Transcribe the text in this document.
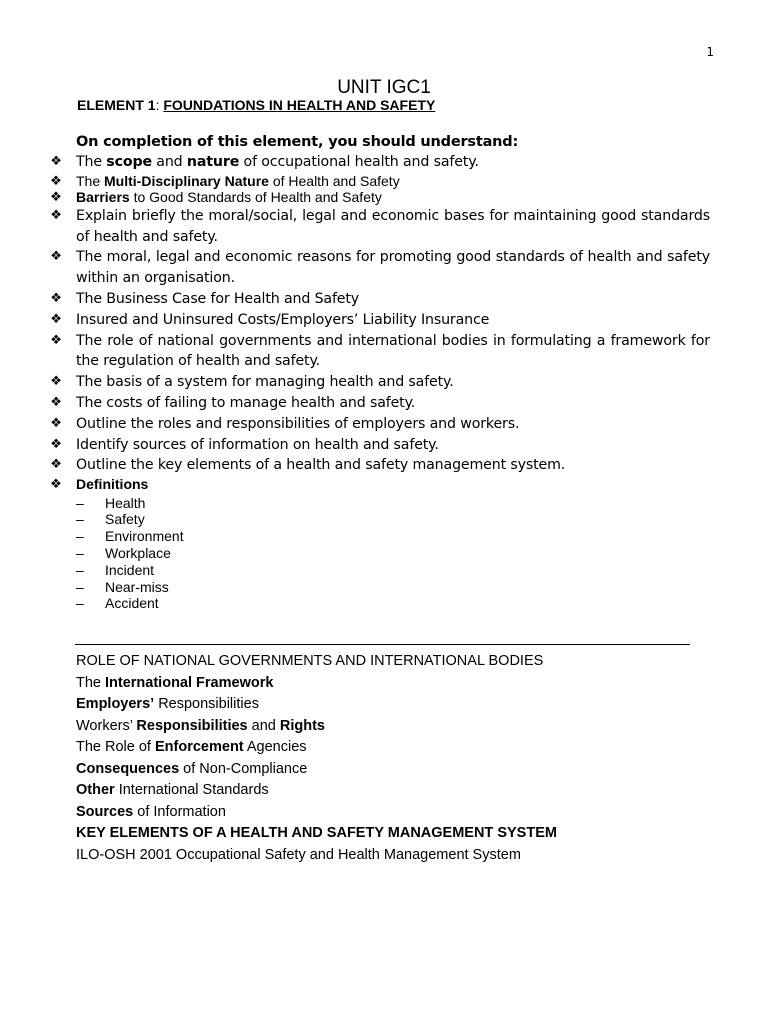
1
UNIT IGC1
ELEMENT 1: FOUNDATIONS IN HEALTH AND SAFETY
On completion of this element, you should understand:
❖ The scope and nature of occupational health and safety.
❖ The Multi-Disciplinary Nature of Health and Safety
❖ Barriers to Good Standards of Health and Safety
❖ Explain briefly the moral/social, legal and economic bases for maintaining good standards of health and safety.
❖ The moral, legal and economic reasons for promoting good standards of health and safety within an organisation.
❖ The Business Case for Health and Safety
❖ Insured and Uninsured Costs/Employers’ Liability Insurance
❖ The role of national governments and international bodies in formulating a framework for the regulation of health and safety.
❖ The basis of a system for managing health and safety.
❖ The costs of failing to manage health and safety.
❖ Outline the roles and responsibilities of employers and workers.
❖ Identify sources of information on health and safety.
❖ Outline the key elements of a health and safety management system.
❖ Definitions
– Health
– Safety
– Environment
– Workplace
– Incident
– Near-miss
– Accident
ROLE OF NATIONAL GOVERNMENTS AND INTERNATIONAL BODIES
The International Framework
Employers’ Responsibilities
Workers’ Responsibilities and Rights
The Role of Enforcement Agencies
Consequences of Non-Compliance
Other International Standards
Sources of Information
KEY ELEMENTS OF A HEALTH AND SAFETY MANAGEMENT SYSTEM
ILO-OSH 2001 Occupational Safety and Health Management System
